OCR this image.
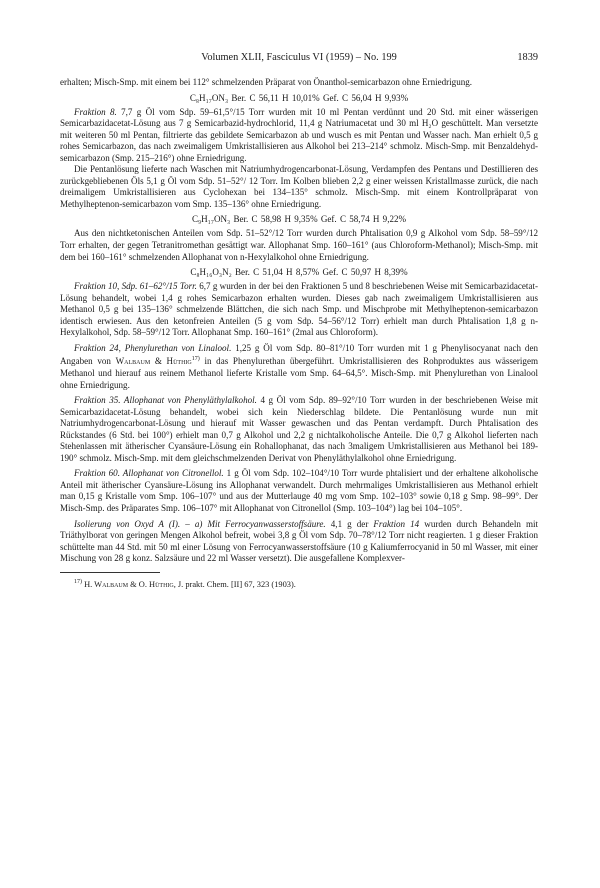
Volumen XLII, Fasciculus VI (1959) – No. 199	1839

erhalten; Misch-Smp. mit einem bei 112° schmelzenden Präparat von Önanthol-semicarbazon ohne Erniedrigung.

C₈H₁₇ON₃ Ber. C 56,11 H 10,01% Gef. C 56,04 H 9,93%

Fraktion 8. 7,7 g Öl vom Sdp. 59–61,5°/15 Torr wurden mit 10 ml Pentan verdünnt und 20 Std. mit einer wässerigen Semicarbazidacetat-Lösung aus 7 g Semicarbazid-hydrochlorid, 11,4 g Natriumacetat und 30 ml H₂O geschüttelt. Man versetzte mit weiteren 50 ml Pentan, filtrierte das gebildete Semicarbazon ab und wusch es mit Pentan und Wasser nach. Man erhielt 0,5 g rohes Semicarbazon, das nach zweimaligem Umkristallisieren aus Alkohol bei 213–214° schmolz. Misch-Smp. mit Benzaldehyd-semicarbazon (Smp. 215–216°) ohne Erniedrigung.

Die Pentanlösung lieferte nach Waschen mit Natriumhydrogencarbonat-Lösung, Verdampfen des Pentans und Destillieren des zurückgebliebenen Öls 5,1 g Öl vom Sdp. 51–52°/ 12 Torr. Im Kolben blieben 2,2 g einer weissen Kristallmasse zurück, die nach dreimaligem Umkristallisieren aus Cyclohexan bei 134–135° schmolz. Misch-Smp. mit einem Kontrollpräparat von Methylheptenon-semicarbazon vom Smp. 135–136° ohne Erniedrigung.

C₉H₁₇ON₃ Ber. C 58,98 H 9,35% Gef. C 58,74 H 9,22%

Aus den nichtketonischen Anteilen vom Sdp. 51–52°/12 Torr wurden durch Phtalisation 0,9 g Alkohol vom Sdp. 58–59°/12 Torr erhalten, der gegen Tetranitromethan gesättigt war. Allophanat Smp. 160–161° (aus Chloroform-Methanol); Misch-Smp. mit dem bei 160–161° schmelzenden Allophanat von n-Hexylalkohol ohne Erniedrigung.

C₈H₁₆O₃N₂ Ber. C 51,04 H 8,57% Gef. C 50,97 H 8,39%

Fraktion 10, Sdp. 61–62°/15 Torr. 6,7 g wurden in der bei den Fraktionen 5 und 8 beschriebenen Weise mit Semicarbazidacetat-Lösung behandelt, wobei 1,4 g rohes Semicarbazon erhalten wurden. Dieses gab nach zweimaligem Umkristallisieren aus Methanol 0,5 g bei 135–136° schmelzende Blättchen, die sich nach Smp. und Mischprobe mit Methylheptenon-semicarbazon identisch erwiesen. Aus den ketonfreien Anteilen (5 g vom Sdp. 54–56°/12 Torr) erhielt man durch Phtalisation 1,8 g n-Hexylalkohol, Sdp. 58–59°/12 Torr. Allophanat Smp. 160–161° (2mal aus Chloroform).

Fraktion 24, Phenylurethan von Linalool. 1,25 g Öl vom Sdp. 80–81°/10 Torr wurden mit 1 g Phenylisocyanat nach den Angaben von Walbaum & Hüthig$^{17)}$ in das Phenylurethan übergeführt. Umkristallisieren des Rohproduktes aus wässerigem Methanol und hierauf aus reinem Methanol lieferte Kristalle vom Smp. 64–64,5°. Misch-Smp. mit Phenylurethan von Linalool ohne Erniedrigung.

Fraktion 35. Allophanat von Phenyläthylalkohol. 4 g Öl vom Sdp. 89–92°/10 Torr wurden in der beschriebenen Weise mit Semicarbazidacetat-Lösung behandelt, wobei sich kein Niederschlag bildete. Die Pentanlösung wurde nun mit Natriumhydrogencarbonat-Lösung und hierauf mit Wasser gewaschen und das Pentan verdampft. Durch Phtalisation des Rückstandes (6 Std. bei 100°) erhielt man 0,7 g Alkohol und 2,2 g nichtalkoholische Anteile. Die 0,7 g Alkohol lieferten nach Stehenlassen mit ätherischer Cyansäure-Lösung ein Rohallophanat, das nach 3maligem Umkristallisieren aus Methanol bei 189-190° schmolz. Misch-Smp. mit dem gleichschmelzenden Derivat von Phenyläthylalkohol ohne Erniedrigung.

Fraktion 60. Allophanat von Citronellol. 1 g Öl vom Sdp. 102–104°/10 Torr wurde phtalisiert und der erhaltene alkoholische Anteil mit ätherischer Cyansäure-Lösung ins Allophanat verwandelt. Durch mehrmaliges Umkristallisieren aus Methanol erhielt man 0,15 g Kristalle vom Smp. 106–107° und aus der Mutterlauge 40 mg vom Smp. 102–103° sowie 0,18 g Smp. 98–99°. Der Misch-Smp. des Präparates Smp. 106–107° mit Allophanat von Citronellol (Smp. 103–104°) lag bei 104–105°.

Isolierung von Oxyd A (I). – a) Mit Ferrocyanwasserstoffsäure. 4,1 g der Fraktion 14 wurden durch Behandeln mit Triäthylborat von geringen Mengen Alkohol befreit, wobei 3,8 g Öl vom Sdp. 70–78°/12 Torr nicht reagierten. 1 g dieser Fraktion schüttelte man 44 Std. mit 50 ml einer Lösung von Ferrocyanwasserstoffsäure (10 g Kaliumferrocyanid in 50 ml Wasser, mit einer Mischung von 28 g konz. Salzsäure und 22 ml Wasser versetzt). Die ausgefallene Komplexver-

$^{17)}$ H. Walbaum & O. Hüthig, J. prakt. Chem. [II] 67, 323 (1903).
